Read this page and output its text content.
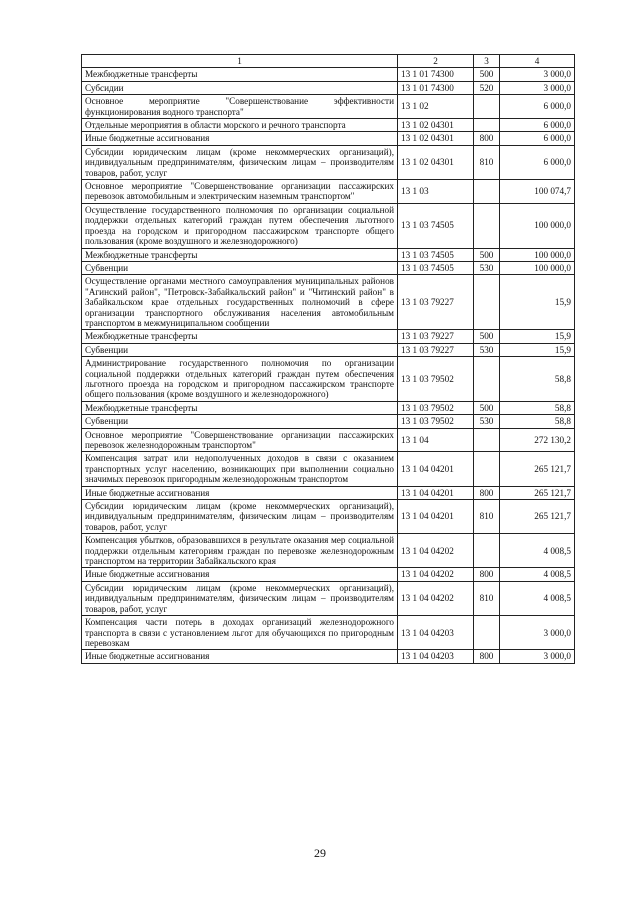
1	2	3	4
Межбюджетные трансферты	13 1 01 74300	500	3 000,0
Субсидии	13 1 01 74300	520	3 000,0
Основное мероприятие "Совершенствование эффективности функционирования водного транспорта"	13 1 02		6 000,0
Отдельные мероприятия в области морского и речного транспорта	13 1 02 04301		6 000,0
Иные бюджетные ассигнования	13 1 02 04301	800	6 000,0
Субсидии юридическим лицам (кроме некоммерческих организаций), индивидуальным предпринимателям, физическим лицам – производителям товаров, работ, услуг	13 1 02 04301	810	6 000,0
Основное мероприятие "Совершенствование организации пассажирских перевозок автомобильным и электрическим наземным транспортом"	13 1 03		100 074,7
Осуществление государственного полномочия по организации социальной поддержки отдельных категорий граждан путем обеспечения льготного проезда на городском и пригородном пассажирском транспорте общего пользования (кроме воздушного и железнодорожного)	13 1 03 74505		100 000,0
Межбюджетные трансферты	13 1 03 74505	500	100 000,0
Субвенции	13 1 03 74505	530	100 000,0
Осуществление органами местного самоуправления муниципальных районов "Агинский район", "Петровск-Забайкальский район" и "Читинский район" в Забайкальском крае отдельных государственных полномочий в сфере организации транспортного обслуживания населения автомобильным транспортом в межмуниципальном сообщении	13 1 03 79227		15,9
Межбюджетные трансферты	13 1 03 79227	500	15,9
Субвенции	13 1 03 79227	530	15,9
Администрирование государственного полномочия по организации социальной поддержки отдельных категорий граждан путем обеспечения льготного проезда на городском и пригородном пассажирском транспорте общего пользования (кроме воздушного и железнодорожного)	13 1 03 79502		58,8
Межбюджетные трансферты	13 1 03 79502	500	58,8
Субвенции	13 1 03 79502	530	58,8
Основное мероприятие "Совершенствование организации пассажирских перевозок железнодорожным транспортом"	13 1 04		272 130,2
Компенсация затрат или недополученных доходов в связи с оказанием транспортных услуг населению, возникающих при выполнении социально значимых перевозок пригородным железнодорожным транспортом	13 1 04 04201		265 121,7
Иные бюджетные ассигнования	13 1 04 04201	800	265 121,7
Субсидии юридическим лицам (кроме некоммерческих организаций), индивидуальным предпринимателям, физическим лицам – производителям товаров, работ, услуг	13 1 04 04201	810	265 121,7
Компенсация убытков, образовавшихся в результате оказания мер социальной поддержки отдельным категориям граждан по перевозке железнодорожным транспортом на территории Забайкальского края	13 1 04 04202		4 008,5
Иные бюджетные ассигнования	13 1 04 04202	800	4 008,5
Субсидии юридическим лицам (кроме некоммерческих организаций), индивидуальным предпринимателям, физическим лицам – производителям товаров, работ, услуг	13 1 04 04202	810	4 008,5
Компенсация части потерь в доходах организаций железнодорожного транспорта в связи с установлением льгот для обучающихся по пригородным перевозкам	13 1 04 04203		3 000,0
Иные бюджетные ассигнования	13 1 04 04203	800	3 000,0
29
